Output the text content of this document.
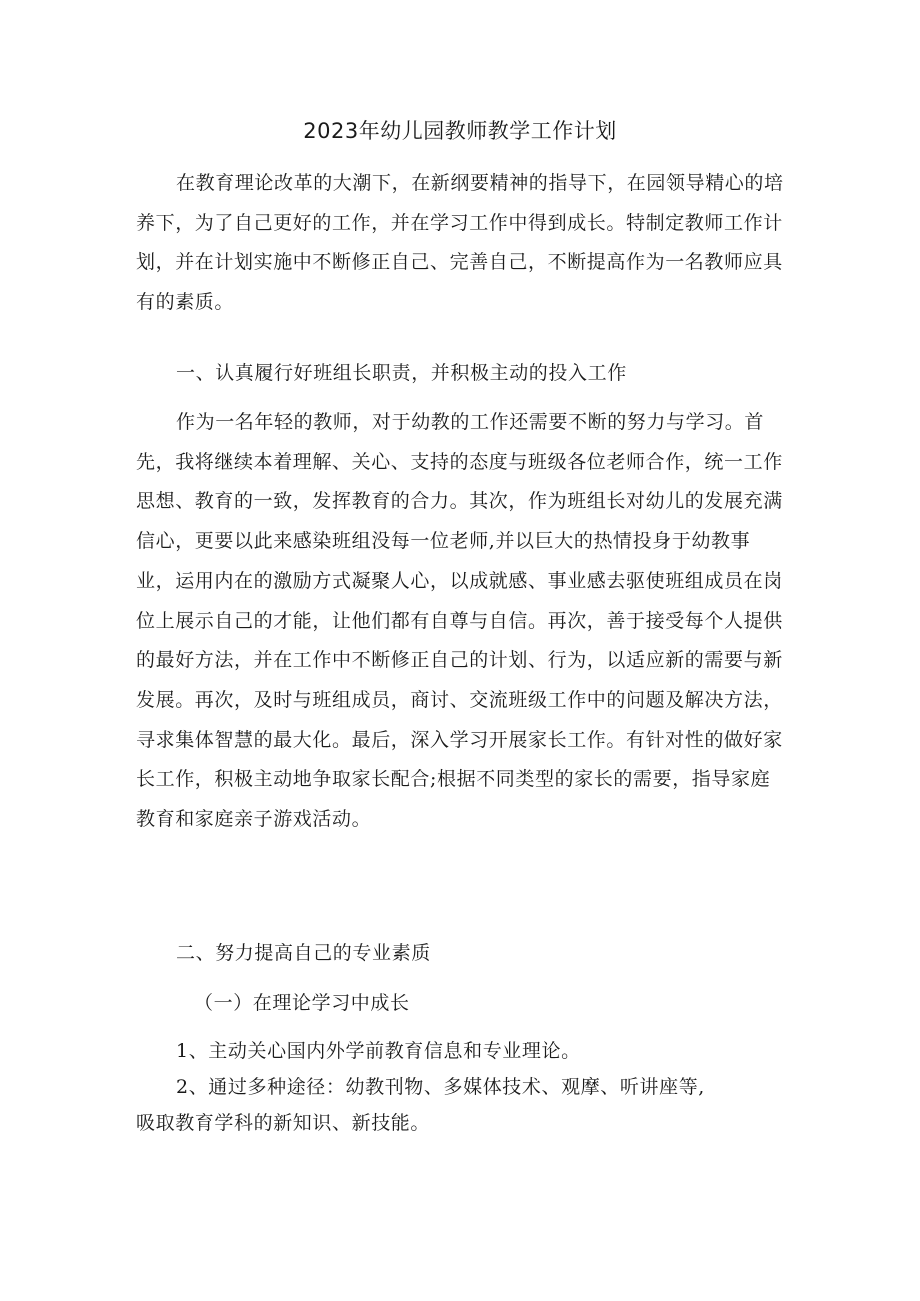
2023年幼儿园教师教学工作计划

在教育理论改革的大潮下，在新纲要精神的指导下，在园领导精心的培养下，为了自己更好的工作，并在学习工作中得到成长。特制定教师工作计划，并在计划实施中不断修正自己、完善自己，不断提高作为一名教师应具有的素质。

一、认真履行好班组长职责，并积极主动的投入工作

作为一名年轻的教师，对于幼教的工作还需要不断的努力与学习。首先，我将继续本着理解、关心、支持的态度与班级各位老师合作，统一工作思想、教育的一致，发挥教育的合力。其次，作为班组长对幼儿的发展充满信心，更要以此来感染班组没每一位老师,并以巨大的热情投身于幼教事业，运用内在的激励方式凝聚人心，以成就感、事业感去驱使班组成员在岗位上展示自己的才能，让他们都有自尊与自信。再次，善于接受每个人提供的最好方法，并在工作中不断修正自己的计划、行为，以适应新的需要与新发展。再次，及时与班组成员，商讨、交流班级工作中的问题及解决方法，寻求集体智慧的最大化。最后，深入学习开展家长工作。有针对性的做好家长工作，积极主动地争取家长配合;根据不同类型的家长的需要，指导家庭教育和家庭亲子游戏活动。

二、努力提高自己的专业素质

（一）在理论学习中成长

1、主动关心国内外学前教育信息和专业理论。

2、通过多种途径：幼教刊物、多媒体技术、观摩、听讲座等,

吸取教育学科的新知识、新技能。
